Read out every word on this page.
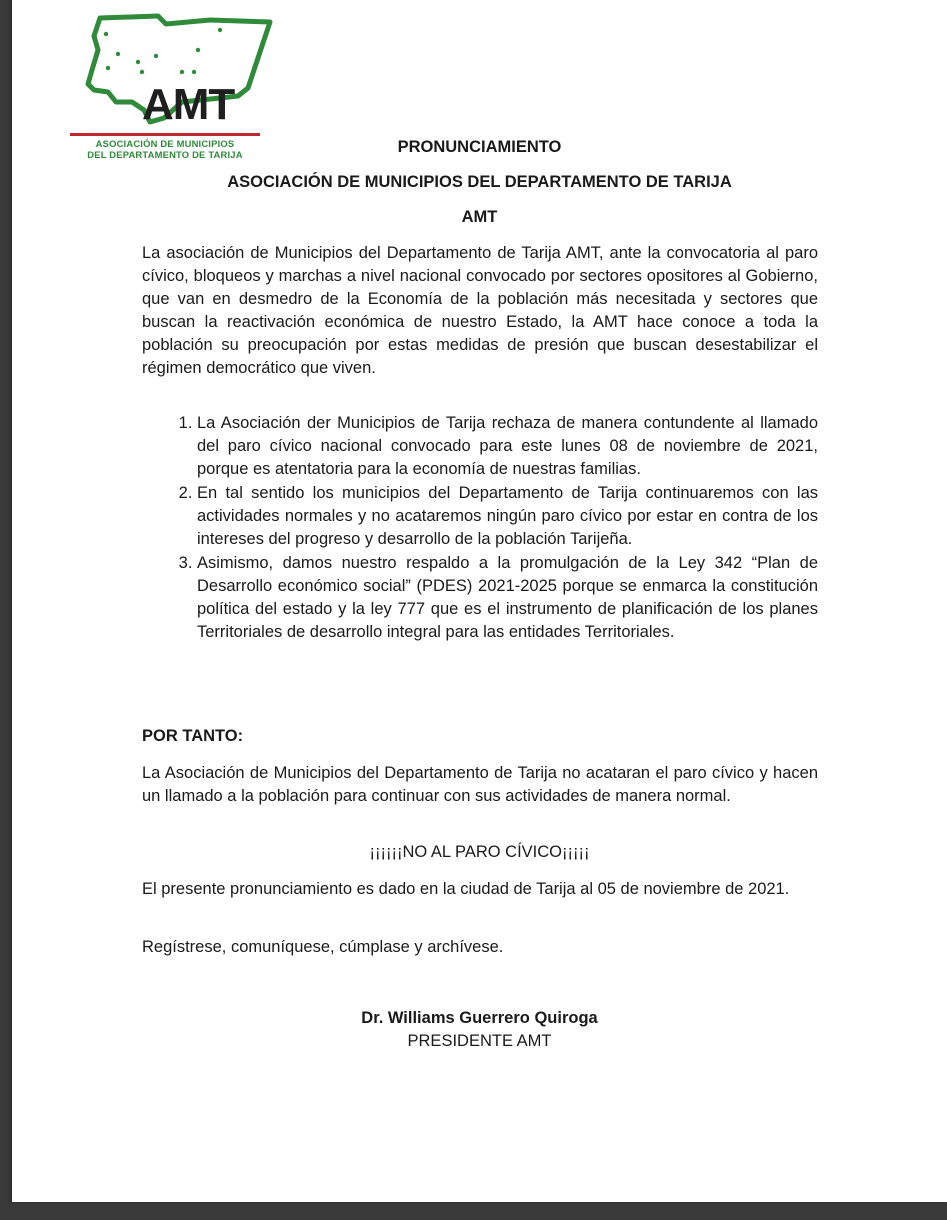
AMT
ASOCIACIÓN DE MUNICIPIOS
DEL DEPARTAMENTO DE TARIJA	PRONUNCIAMIENTO
ASOCIACIÓN DE MUNICIPIOS DEL DEPARTAMENTO DE TARIJA
AMT
La asociación de Municipios del Departamento de Tarija AMT, ante la convocatoria al paro cívico, bloqueos y marchas a nivel nacional convocado por sectores opositores al Gobierno, que van en desmedro de la Economía de la población más necesitada y sectores que buscan la reactivación económica de nuestro Estado, la AMT hace conoce a toda la población su preocupación por estas medidas de presión que buscan desestabilizar el régimen democrático que viven.
1. La Asociación der Municipios de Tarija rechaza de manera contundente al llamado del paro cívico nacional convocado para este lunes 08 de noviembre de 2021, porque es atentatoria para la economía de nuestras familias.
2. En tal sentido los municipios del Departamento de Tarija continuaremos con las actividades normales y no acataremos ningún paro cívico por estar en contra de los intereses del progreso y desarrollo de la población Tarijeña.
3. Asimismo, damos nuestro respaldo a la promulgación de la Ley 342 “Plan de Desarrollo económico social” (PDES) 2021-2025 porque se enmarca la constitución política del estado y la ley 777 que es el instrumento de planificación de los planes Territoriales de desarrollo integral para las entidades Territoriales.
POR TANTO:
La Asociación de Municipios del Departamento de Tarija no acataran el paro cívico y hacen un llamado a la población para continuar con sus actividades de manera normal.
¡¡¡¡¡¡NO AL PARO CÍVICO¡¡¡¡¡
El presente pronunciamiento es dado en la ciudad de Tarija al 05 de noviembre de 2021.
Regístrese, comuníquese, cúmplase y archívese.
Dr. Williams Guerrero Quiroga
PRESIDENTE AMT
